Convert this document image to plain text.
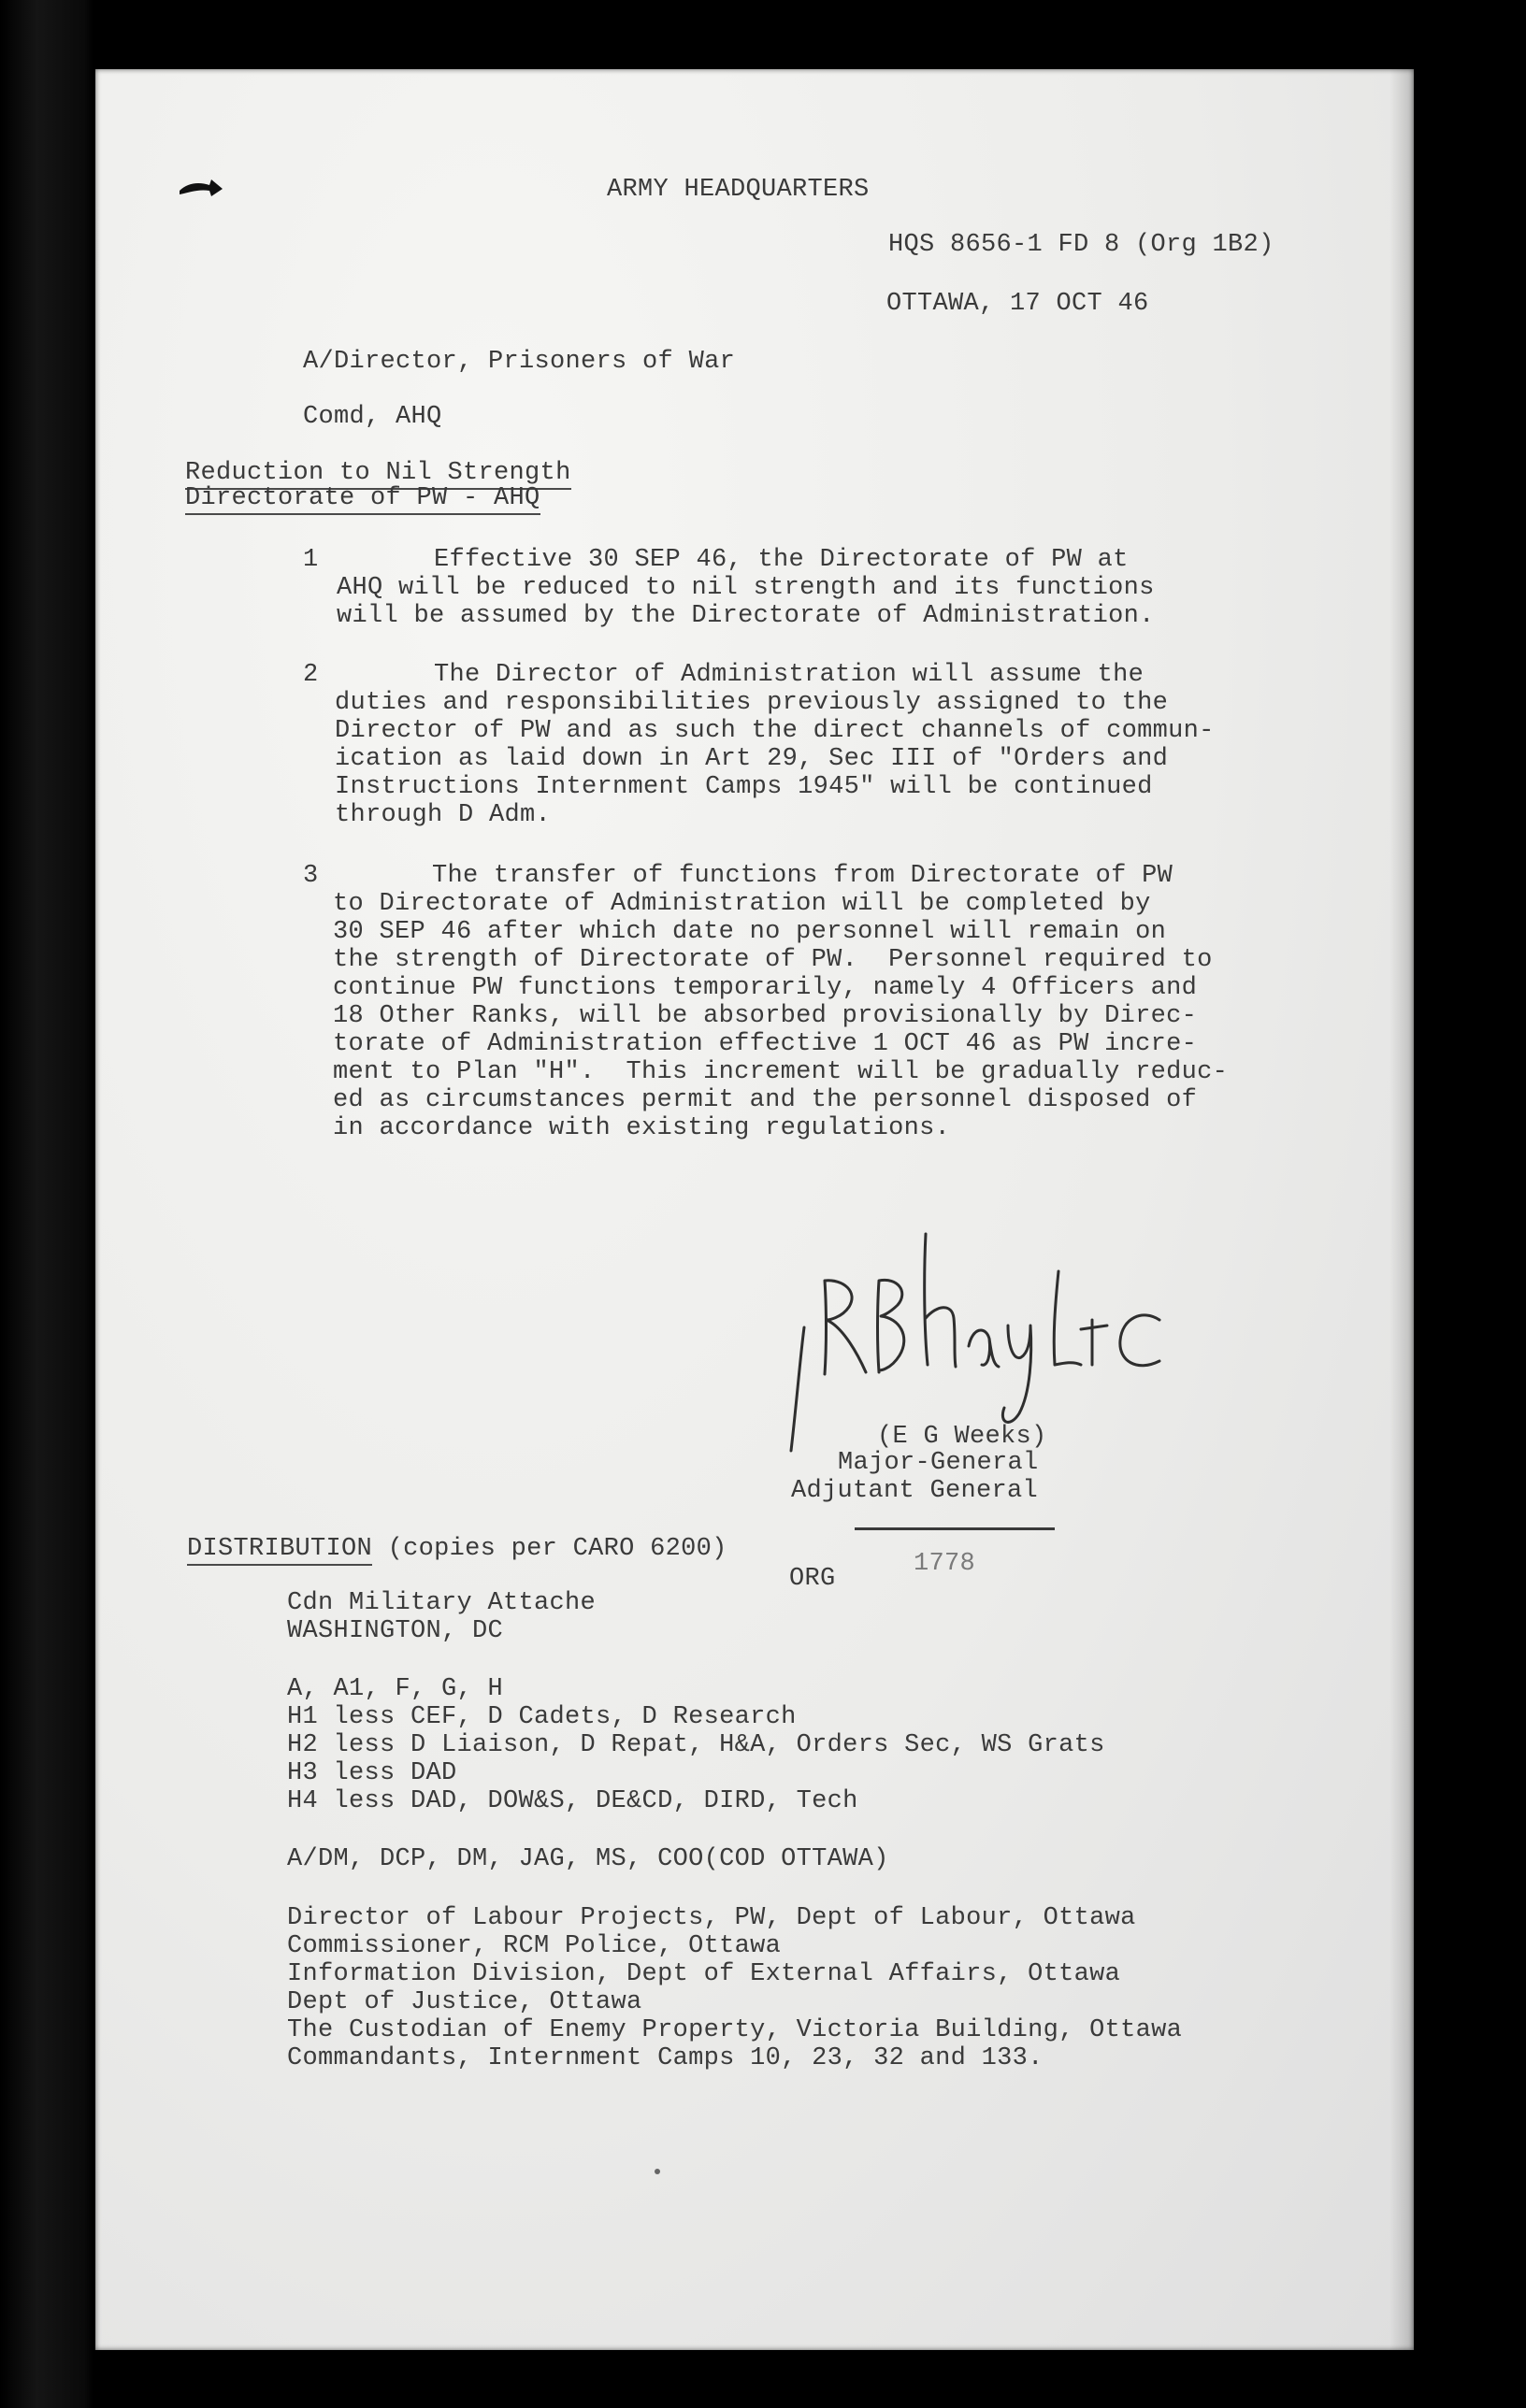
ARMY HEADQUARTERS
HQS 8656-1 FD 8 (Org 1B2)
OTTAWA, 17 OCT 46
A/Director, Prisoners of War
Comd, AHQ
Reduction to Nil Strength
Directorate of PW - AHQ
1	Effective 30 SEP 46, the Directorate of PW at
AHQ will be reduced to nil strength and its functions
will be assumed by the Directorate of Administration.
2	The Director of Administration will assume the
duties and responsibilities previously assigned to the
Director of PW and as such the direct channels of commun-
ication as laid down in Art 29, Sec III of "Orders and
Instructions Internment Camps 1945" will be continued
through D Adm.
3	The transfer of functions from Directorate of PW
to Directorate of Administration will be completed by
30 SEP 46 after which date no personnel will remain on
the strength of Directorate of PW.  Personnel required to
continue PW functions temporarily, namely 4 Officers and
18 Other Ranks, will be absorbed provisionally by Direc-
torate of Administration effective 1 OCT 46 as PW incre-
ment to Plan "H".  This increment will be gradually reduc-
ed as circumstances permit and the personnel disposed of
in accordance with existing regulations.
(E G Weeks)
Major-General
Adjutant General
DISTRIBUTION (copies per CARO 6200)
ORG
1778
Cdn Military Attache
WASHINGTON, DC
A, A1, F, G, H
H1 less CEF, D Cadets, D Research
H2 less D Liaison, D Repat, H&A, Orders Sec, WS Grats
H3 less DAD
H4 less DAD, DOW&S, DE&CD, DIRD, Tech
A/DM, DCP, DM, JAG, MS, COO(COD OTTAWA)
Director of Labour Projects, PW, Dept of Labour, Ottawa
Commissioner, RCM Police, Ottawa
Information Division, Dept of External Affairs, Ottawa
Dept of Justice, Ottawa
The Custodian of Enemy Property, Victoria Building, Ottawa
Commandants, Internment Camps 10, 23, 32 and 133.
